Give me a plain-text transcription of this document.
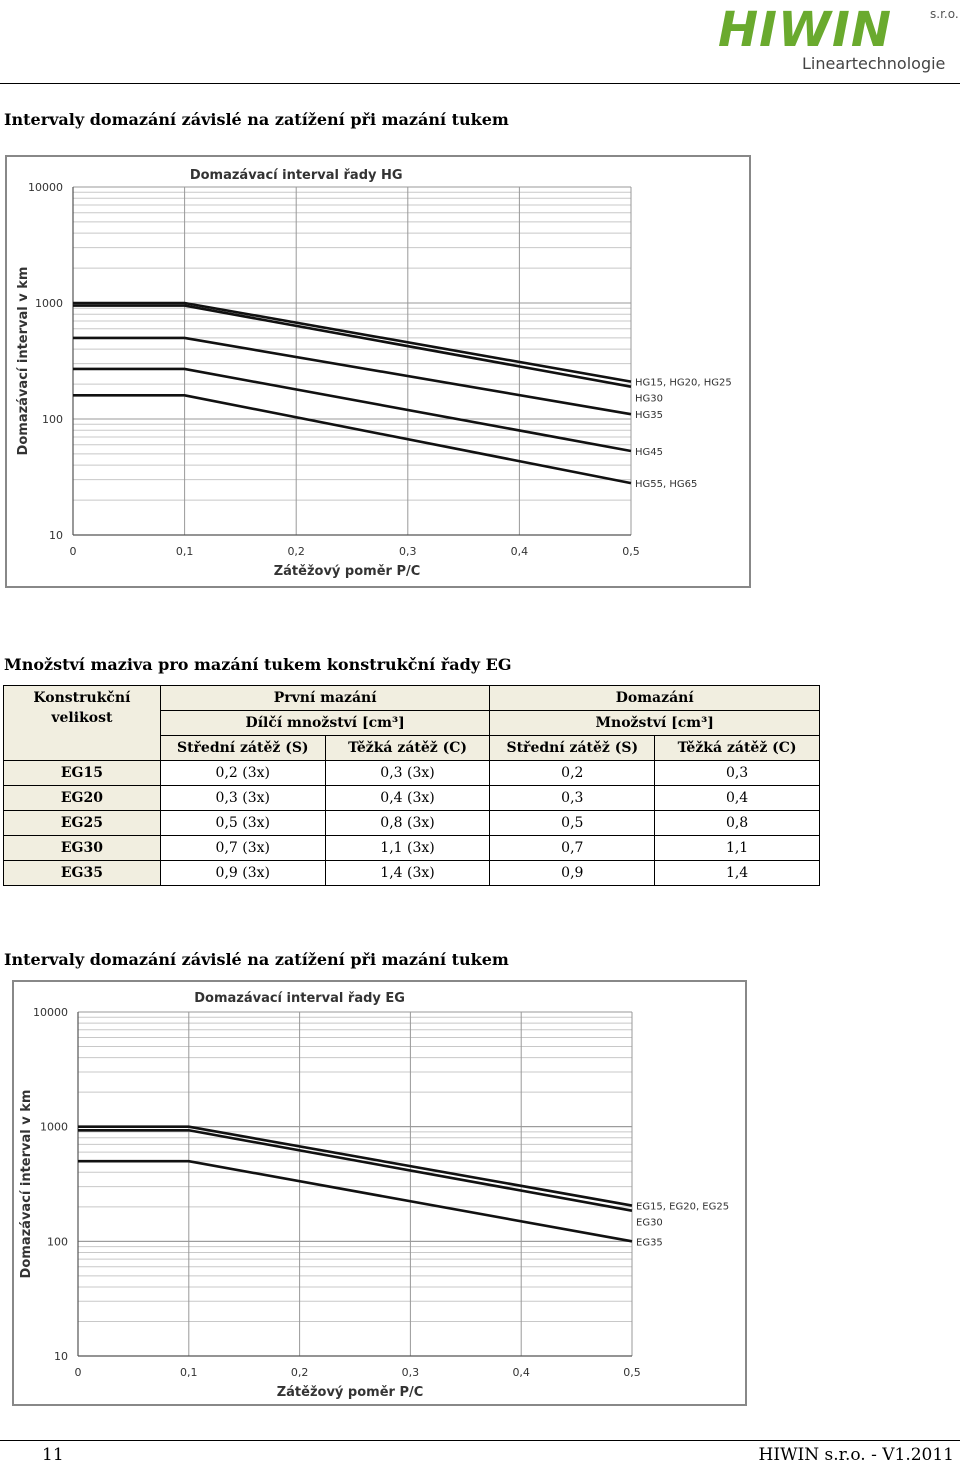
HIWIN	s.r.o.
Lineartechnologie
Intervaly domazání závislé na zatížení při mazání tukem
HG15, HG20, HG25
HG30
HG35
HG45
HG55, HG65
10
100
1000
10000
0	0,1	0,2	0,3	0,4	0,5
Domazávací interval řady HG
Zátěžový poměr P/C
Domazávací interval v km
Množství maziva pro mazání tukem konstrukční řady EG
Konstrukční velikost	První mazání		Domazání	
	Dílčí množství [cm³]		Množství [cm³]	
	Střední zátěž (S)	Těžká zátěž (C)	Střední zátěž (S)	Těžká zátěž (C)
EG15	0,2 (3x)	0,3 (3x)	0,2	0,3
EG20	0,3 (3x)	0,4 (3x)	0,3	0,4
EG25	0,5 (3x)	0,8 (3x)	0,5	0,8
EG30	0,7 (3x)	1,1 (3x)	0,7	1,1
EG35	0,9 (3x)	1,4 (3x)	0,9	1,4
Intervaly domazání závislé na zatížení při mazání tukem
EG15, EG20, EG25
EG30
EG35
10
100
1000
10000
0	0,1	0,2	0,3	0,4	0,5
Domazávací interval řady EG
Zátěžový poměr P/C
Domazávací interval v km
11	HIWIN s.r.o. - V1.2011
